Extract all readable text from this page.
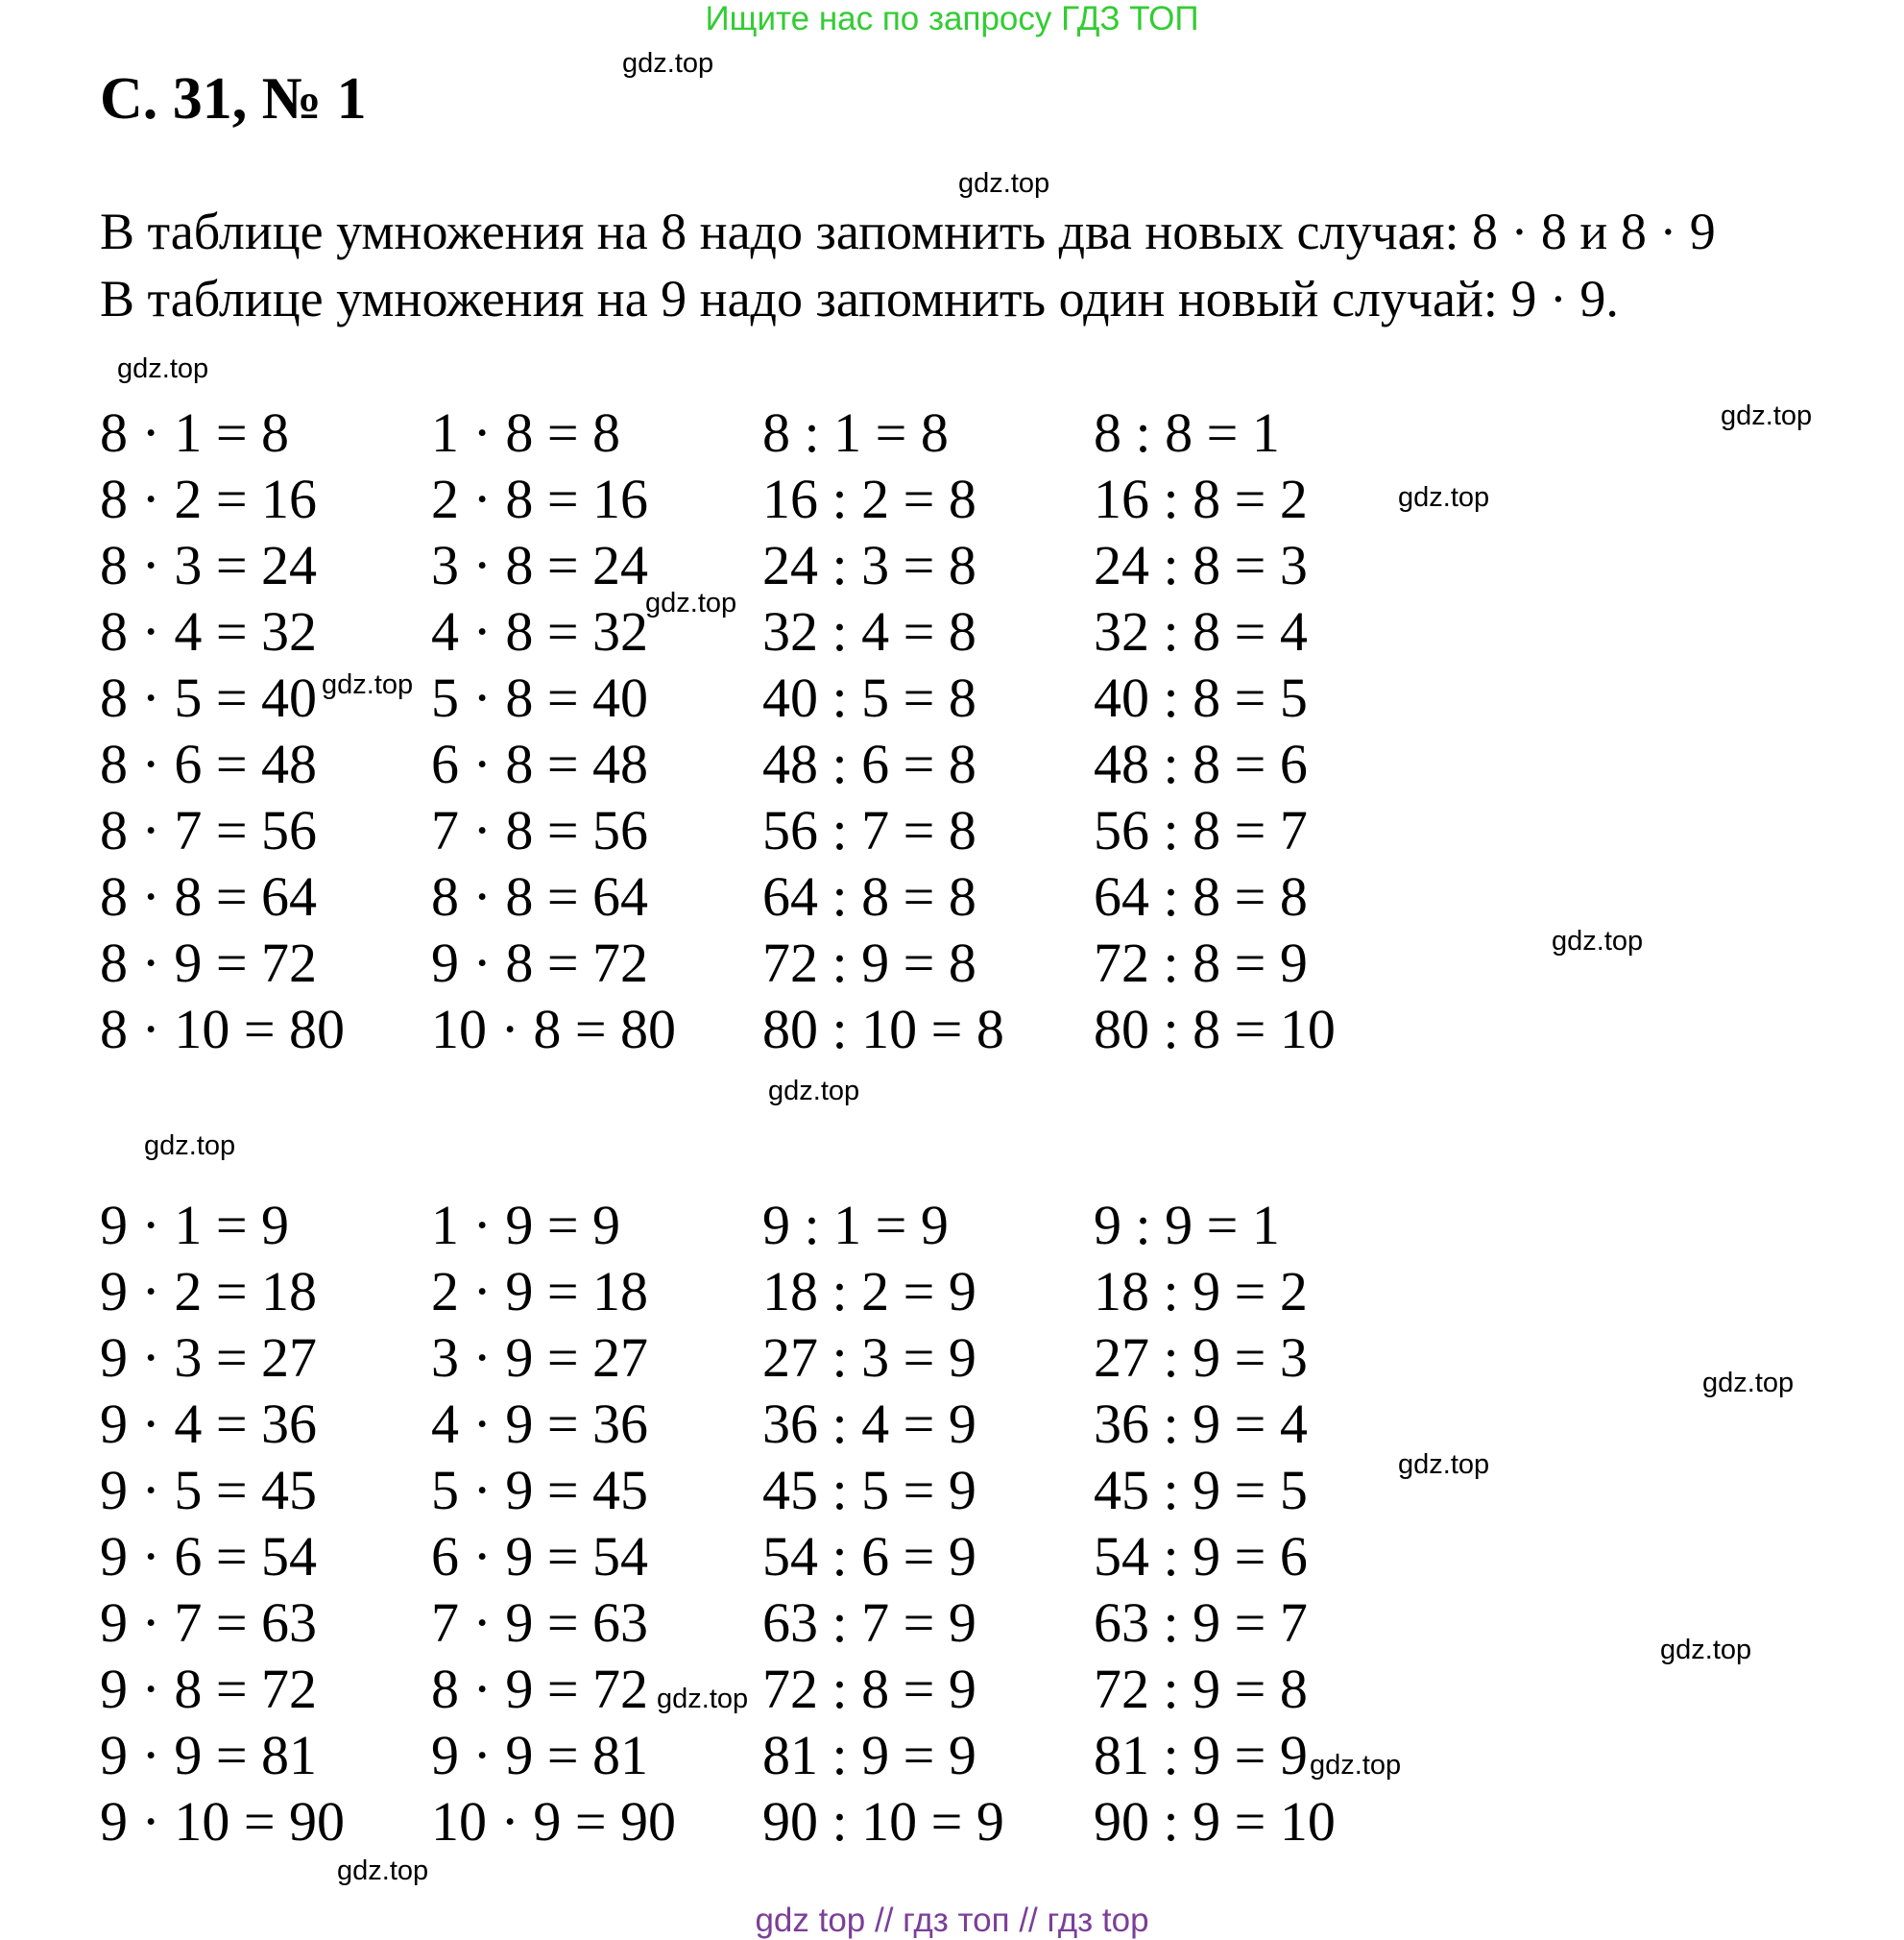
Ищите нас по запросу ГДЗ ТОП
С. 31, № 1
В таблице умножения на 8 надо запомнить два новых случая: 8 · 8 и 8 · 9
В таблице умножения на 9 надо запомнить один новый случай: 9 · 9.
8 · 1 = 8	1 · 8 = 8	8 : 1 = 8	8 : 8 = 1
8 · 2 = 16 2 · 8 = 16 16 : 2 = 8 16 : 8 = 2
8 · 3 = 24 3 · 8 = 24 24 : 3 = 8 24 : 8 = 3
8 · 4 = 32 4 · 8 = 32 32 : 4 = 8 32 : 8 = 4
8 · 5 = 40 5 · 8 = 40 40 : 5 = 8 40 : 8 = 5
8 · 6 = 48 6 · 8 = 48 48 : 6 = 8 48 : 8 = 6
8 · 7 = 56 7 · 8 = 56 56 : 7 = 8 56 : 8 = 7
8 · 8 = 64 8 · 8 = 64 64 : 8 = 8 64 : 8 = 8
8 · 9 = 72 9 · 8 = 72 72 : 9 = 8 72 : 8 = 9
8 · 10 = 80 10 · 8 = 80 80 : 10 = 8 80 : 8 = 10
9 · 1 = 9	1 · 9 = 9	9 : 1 = 9	9 : 9 = 1
9 · 2 = 18 2 · 9 = 18 18 : 2 = 9 18 : 9 = 2
9 · 3 = 27 3 · 9 = 27 27 : 3 = 9 27 : 9 = 3
9 · 4 = 36 4 · 9 = 36 36 : 4 = 9 36 : 9 = 4
9 · 5 = 45 5 · 9 = 45 45 : 5 = 9 45 : 9 = 5
9 · 6 = 54 6 · 9 = 54 54 : 6 = 9 54 : 9 = 6
9 · 7 = 63 7 · 9 = 63 63 : 7 = 9 63 : 9 = 7
9 · 8 = 72 8 · 9 = 72 72 : 8 = 9 72 : 9 = 8
9 · 9 = 81 9 · 9 = 81 81 : 9 = 9 81 : 9 = 9
9 · 10 = 90 10 · 9 = 90 90 : 10 = 9 90 : 9 = 10
gdz.top
gdz.top
gdz.top
gdz.top
gdz.top
gdz.top
gdz.top
gdz.top
gdz.top
gdz.top
gdz.top
gdz.top
gdz.top
gdz.top
gdz.top
gdz.top
gdz top // гдз топ // гдз top
